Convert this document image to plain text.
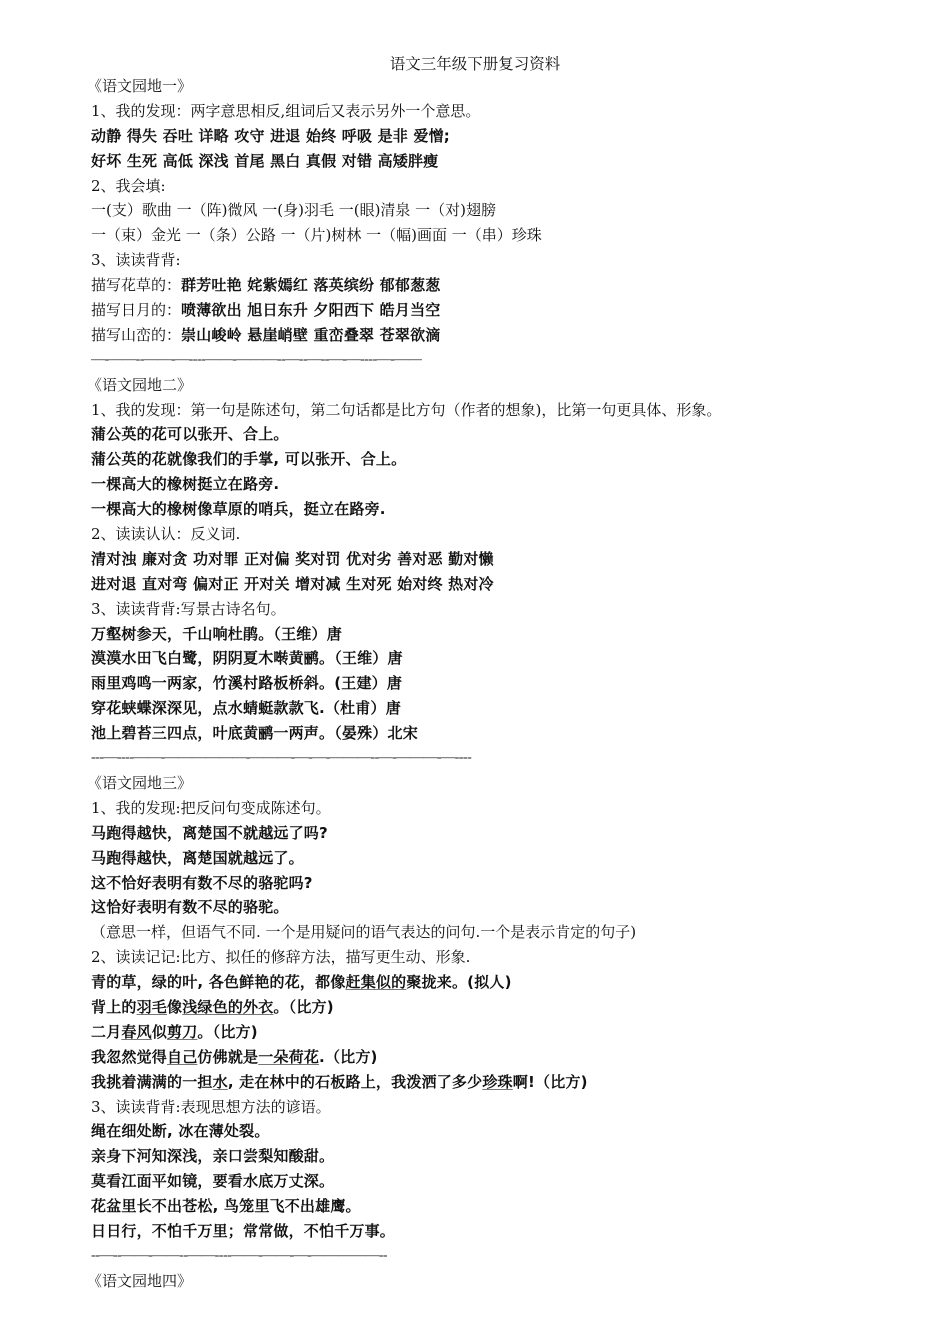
语文三年级下册复习资料
《语文园地一》
1、我的发现：两字意思相反,组词后又表示另外一个意思。
动静 得失 吞吐 详略 攻守 进退 始终 呼吸 是非 爱憎;
好坏 生死 高低 深浅 首尾 黑白 真假 对错 高矮胖瘦
2、我会填:
一(支）歌曲 一（阵)微风 一(身)羽毛 一(眼)清泉 一（对)翅膀
一（束）金光 一（条）公路 一（片)树林 一（幅)画面 一（串）珍珠
3、读读背背:
描写花草的：群芳吐艳 姹紫嫣红 落英缤纷 郁郁葱葱
描写日月的：喷薄欲出 旭日东升 夕阳西下 皓月当空
描写山峦的：崇山峻岭 悬崖峭壁 重峦叠翠 苍翠欲滴
—-——--——-—----——-———--—--—--—-—----—-——
《语文园地二》
1、我的发现：第一句是陈述句，第二句话都是比方句（作者的想象)，比第一句更具体、形象。
蒲公英的花可以张开、合上。
蒲公英的花就像我们的手掌, 可以张开、合上。
一棵高大的橡树挺立在路旁.
一棵高大的橡树像草原的哨兵，挺立在路旁.
2、读读认认：反义词.
清对浊 廉对贪 功对罪 正对偏 奖对罚 优对劣 善对恶 勤对懒
进对退 直对弯 偏对正 开对关 增对减 生对死 始对终 热对冷
3、读读背背:写景古诗名句。
万壑树参天，千山响杜鹃。（王维）唐
漠漠水田飞白鹭，阴阴夏木啭黄鹂。（王维）唐
雨里鸡鸣一两家，竹溪村路板桥斜。(王建）唐
穿花蛱蝶深深见，点水蜻蜓款款飞.（杜甫）唐
池上碧苔三四点，叶底黄鹂一两声。（晏殊）北宋
---—----——-——————-———-—-—-———--—-———-—----
《语文园地三》
1、我的发现:把反问句变成陈述句。
马跑得越快，离楚国不就越远了吗?
马跑得越快，离楚国就越远了。
这不恰好表明有数不尽的骆驼吗?
这恰好表明有数不尽的骆驼。
（意思一样，但语气不同. 一个是用疑问的语气表达的问句.一个是表示肯定的句子)
2、读读记记:比方、拟任的修辞方法，描写更生动、形象.
青的草，绿的叶, 各色鲜艳的花，都像赶集似的聚拢来。(拟人)
背上的羽毛像浅绿色的外衣。（比方)
二月春风似剪刀。（比方)
我忽然觉得自己仿佛就是一朵荷花.（比方)
我挑着满满的一担水, 走在林中的石板路上，我泼洒了多少珍珠啊!（比方)
3、读读背背:表现思想方法的谚语。
绳在细处断, 冰在薄处裂。
亲身下河知深浅，亲口尝梨知酸甜。
莫看江面平如镜，要看水底万丈深。
花盆里长不出苍松, 鸟笼里飞不出雄鹰。
日日行，不怕千万里；常常做，不怕千万事。
--—--——-——--——----——-——-—-—————--
《语文园地四》
